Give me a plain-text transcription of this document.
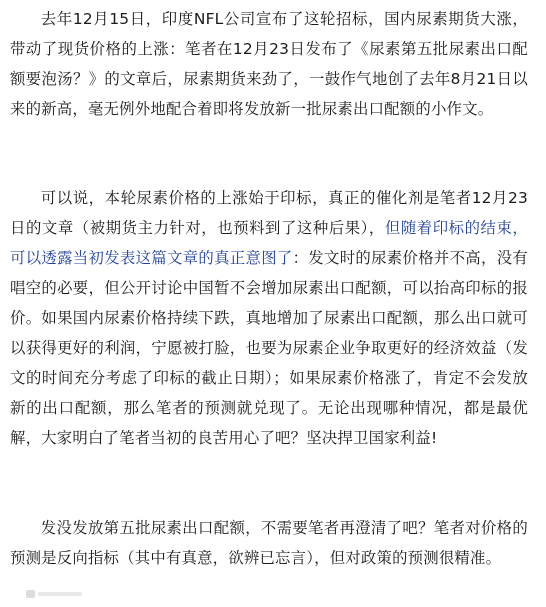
去年12月15日，印度NFL公司宣布了这轮招标，国内尿素期货大涨，带动了现货价格的上涨：笔者在12月23日发布了《尿素第五批尿素出口配额要泡汤？》的文章后，尿素期货来劲了，一鼓作气地创了去年8月21日以来的新高，毫无例外地配合着即将发放新一批尿素出口配额的小作文。

可以说，本轮尿素价格的上涨始于印标，真正的催化剂是笔者12月23日的文章（被期货主力针对，也预料到了这种后果），但随着印标的结束，可以透露当初发表这篇文章的真正意图了：发文时的尿素价格并不高，没有唱空的必要，但公开讨论中国暂不会增加尿素出口配额，可以抬高印标的报价。如果国内尿素价格持续下跌，真地增加了尿素出口配额，那么出口就可以获得更好的利润，宁愿被打脸，也要为尿素企业争取更好的经济效益（发文的时间充分考虑了印标的截止日期）；如果尿素价格涨了，肯定不会发放新的出口配额，那么笔者的预测就兑现了。无论出现哪种情况，都是最优解，大家明白了笔者当初的良苦用心了吧？坚决捍卫国家利益!

发没发放第五批尿素出口配额，不需要笔者再澄清了吧？笔者对价格的预测是反向指标（其中有真意，欲辨已忘言），但对政策的预测很精准。
